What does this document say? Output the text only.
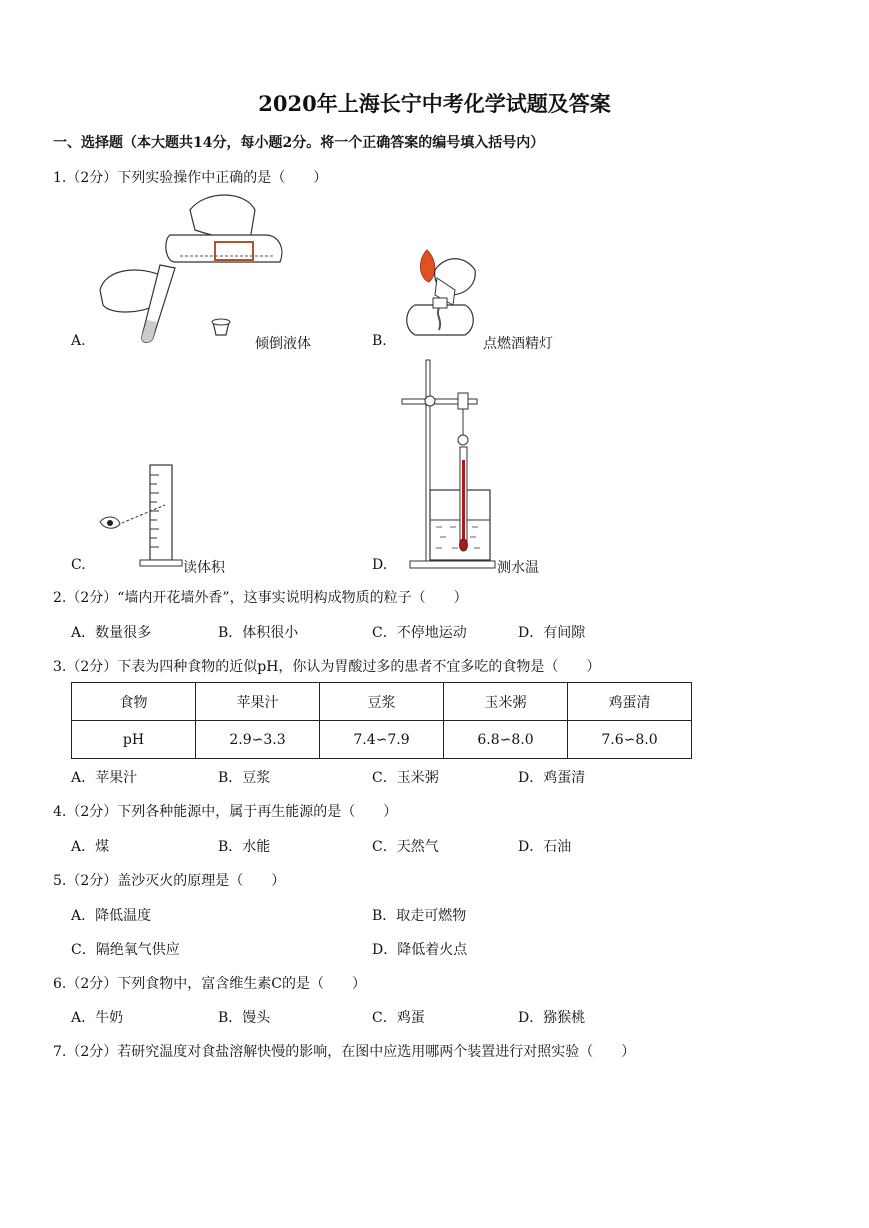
2020年上海长宁中考化学试题及答案
一、选择题（本大题共14分，每小题2分。将一个正确答案的编号填入括号内）
1.（2分）下列实验操作中正确的是（　　）
A.	倾倒液体	B.	点燃酒精灯
C.	读体积	D.	测水温
2.（2分）“墙内开花墙外香”，这事实说明构成物质的粒子（　　）
A．数量很多	B．体积很小	C．不停地运动	D．有间隙
3.（2分）下表为四种食物的近似pH，你认为胃酸过多的患者不宜多吃的食物是（　　）
食物	苹果汁	豆浆	玉米粥	鸡蛋清
pH	2.9∽3.3	7.4∽7.9	6.8∽8.0	7.6∽8.0
A．苹果汁	B．豆浆	C．玉米粥	D．鸡蛋清
4.（2分）下列各种能源中，属于再生能源的是（　　）
A．煤	B．水能	C．天然气	D．石油
5.（2分）盖沙灭火的原理是（　　）
A．降低温度	B．取走可燃物
C．隔绝氧气供应	D．降低着火点
6.（2分）下列食物中，富含维生素C的是（　　）
A．牛奶	B．馒头	C．鸡蛋	D．猕猴桃
7.（2分）若研究温度对食盐溶解快慢的影响，在图中应选用哪两个装置进行对照实验（　　）
